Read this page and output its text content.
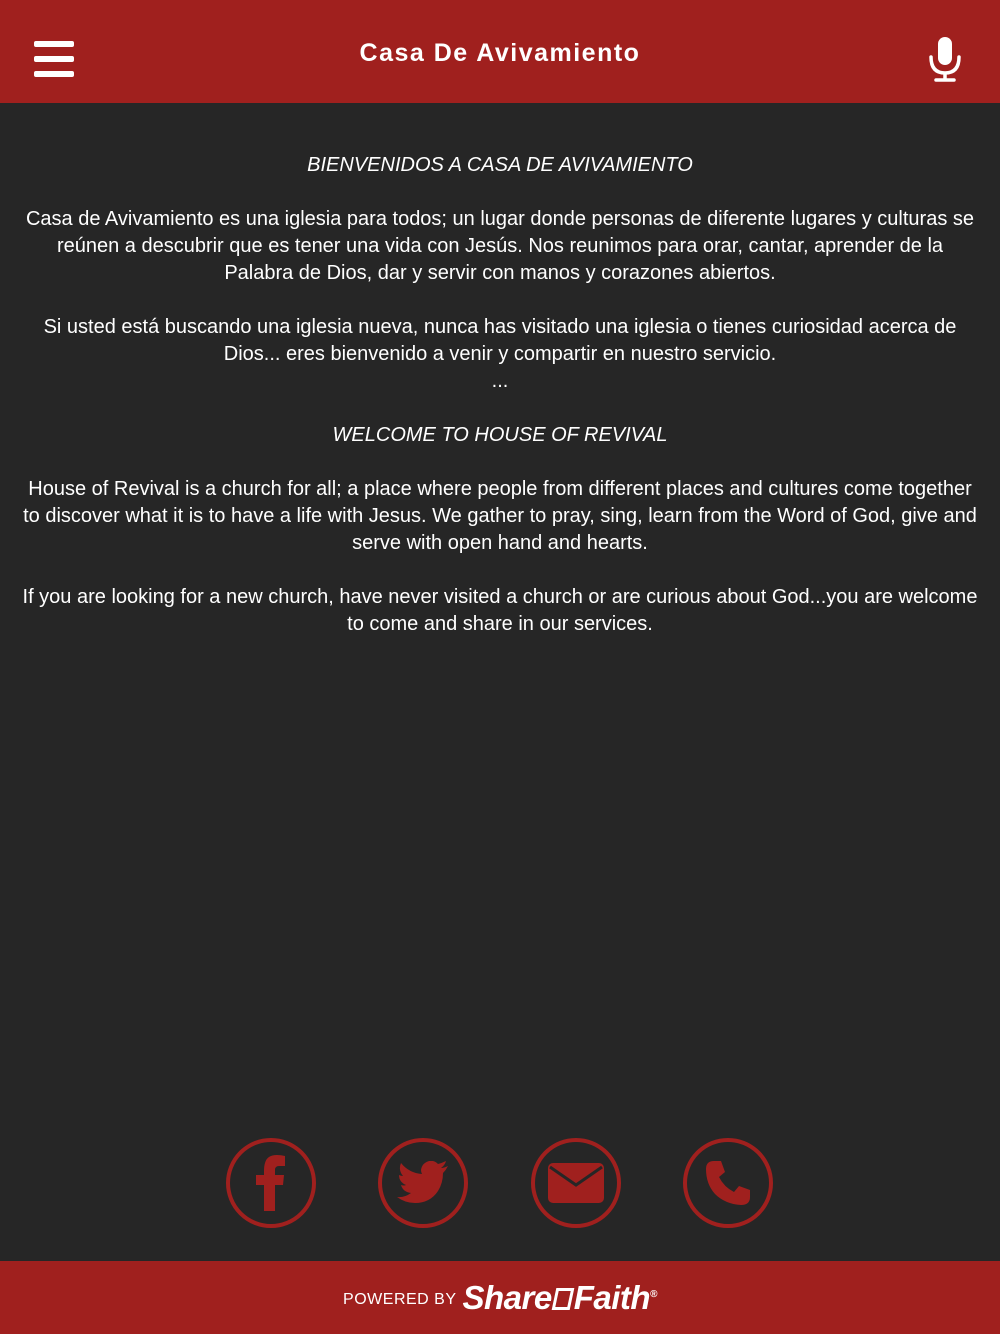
Casa De Avivamiento
BIENVENIDOS A CASA DE AVIVAMIENTO

Casa de Avivamiento es una iglesia para todos; un lugar donde personas de diferente lugares y culturas se reúnen a descubrir que es tener una vida con Jesús. Nos reunimos para orar, cantar, aprender de la Palabra de Dios, dar y servir con manos y corazones abiertos.

Si usted está buscando una iglesia nueva, nunca has visitado una iglesia o tienes curiosidad acerca de Dios... eres bienvenido a venir y compartir en nuestro servicio.

...
WELCOME TO HOUSE OF REVIVAL

House of Revival is a church for all; a place where people from different places and cultures come together to discover what it is to have a life with Jesus. We gather to pray, sing, learn from the Word of God, give and serve with open hand and hearts.

If you are looking for a new church, have never visited a church or are curious about God...you are welcome to come and share in our services.

POWERED BY Share Faith®
